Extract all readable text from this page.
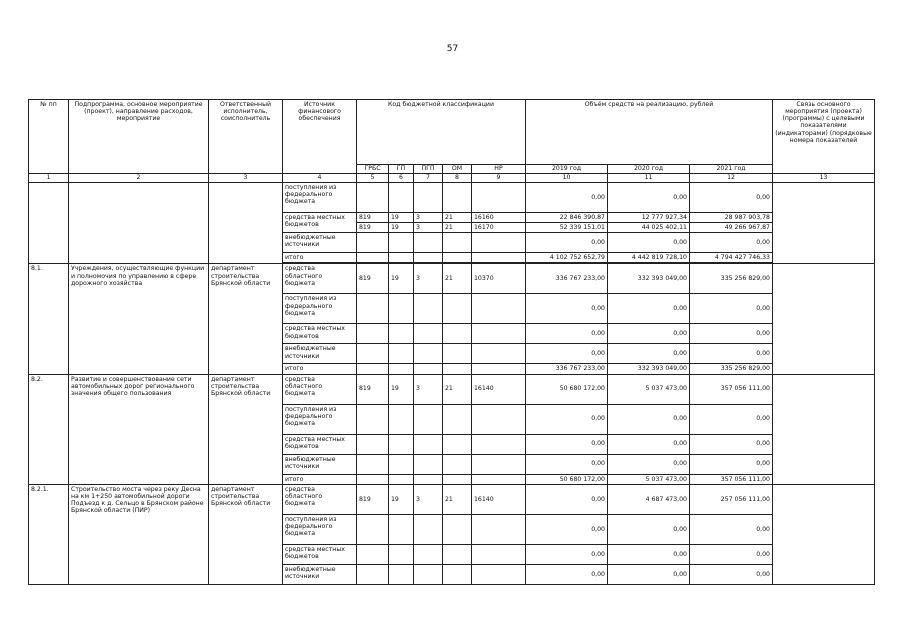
57
№ пп	Подпрограмма, основное мероприятие (проект), направление расходов, мероприятие	Ответственный исполнитель, соисполнитель	Источник финансового обеспечения	Код бюджетной классификации					Объём средств на реализацию, рублей			Связь основного мероприятия (проекта) (программы) с целевыми показателями (индикаторами) (порядковые номера показателей
				ГРБС	ГП	ПГП	ОМ	НР	2019 год	2020 год	2021 год	
1	2	3	4	5	6	7	8	9	10	11	12	13
			поступления из федерального бюджета						0,00	0,00	0,00	
			средства местных бюджетов	819	19	3	21	16160	22 846 390,87	12 777 927,34	28 987 903,78	
				819	19	3	21	16170	52 339 151,01	44 025 402,11	49 266 967,87	
			внебюджетные источники						0,00	0,00	0,00	
			итого						4 102 752 652,79	4 442 819 728,10	4 794 427 746,33	

8.1.	Учреждения, осуществляющие функции и полномочия по управлению в сфере дорожного хозяйства	департамент строительства Брянской области	средства областного бюджета	819	19	3	21	10370	336 767 233,00	332 393 049,00	335 256 829,00	
			поступления из федерального бюджета						0,00	0,00	0,00	
			средства местных бюджетов						0,00	0,00	0,00	
			внебюджетные источники						0,00	0,00	0,00	
			итого						336 767 233,00	332 393 049,00	335 256 829,00	
8.2.	Развитие и совершенствование сети автомобильных дорог регионального значения общего пользования	департамент строительства Брянской области	средства областного бюджета	819	19	3	21	16140	50 680 172,00	5 037 473,00	357 056 111,00	
			поступления из федерального бюджета						0,00	0,00	0,00	
			средства местных бюджетов						0,00	0,00	0,00	
			внебюджетные источники						0,00	0,00	0,00	
			итого						50 680 172,00	5 037 473,00	357 056 111,00	
8.2.1.	Строительство моста через реку Десна на км 1+250 автомобильной дороги Подъезд к д. Сельцо в Брянском районе Брянской области (ПИР)	департамент строительства Брянской области	средства областного бюджета	819	19	3	21	16140	0,00	4 687 473,00	257 056 111,00	
			поступления из федерального бюджета						0,00	0,00	0,00	
			средства местных бюджетов						0,00	0,00	0,00	
			внебюджетные источники						0,00	0,00	0,00	
